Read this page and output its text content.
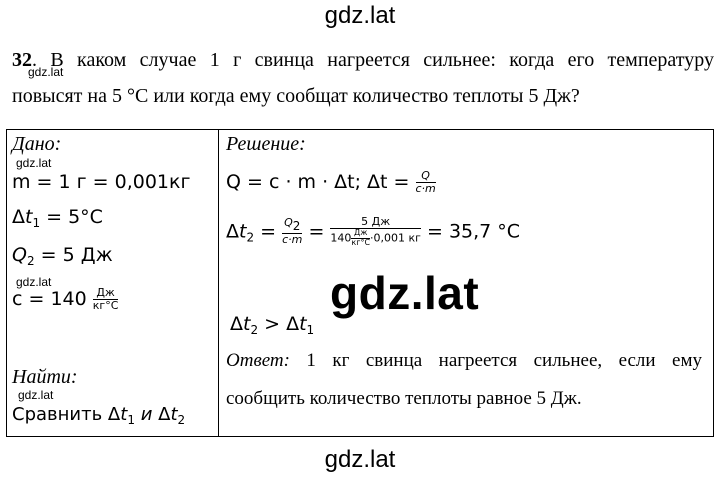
gdz.lat
32. В каком случае 1 г свинца нагреется сильнее: когда его температуру
повысят на 5 °С или когда ему сообщат количество теплоты 5 Дж?
gdz.lat
Дано:
gdz.lat
m = 1 г = 0,001кг
$\Delta t_1 = 5^\circ С$
$Q_2 = 5$ Дж
gdz.lat
$с = 140 \frac{Дж}{кг^\circ С}$
Найти:
gdz.lat
Сравнить $\Delta t_1$ и $\Delta t_2$
Решение:
Q = c · m · Δt; $\Delta t = \frac{Q}{c\cdot m}$
$\Delta t_2 = \frac{Q_2}{c\cdot m} = \frac{5 Дж}{140 \frac{Дж}{кг^\circ С} \cdot 0,001 кг} = 35,7$ °С
$\Delta t_2 > \Delta t_1$
Ответ: 1 кг свинца нагреется сильнее, если ему
сообщить количество теплоты равное 5 Дж.
gdz.lat
gdz.lat
